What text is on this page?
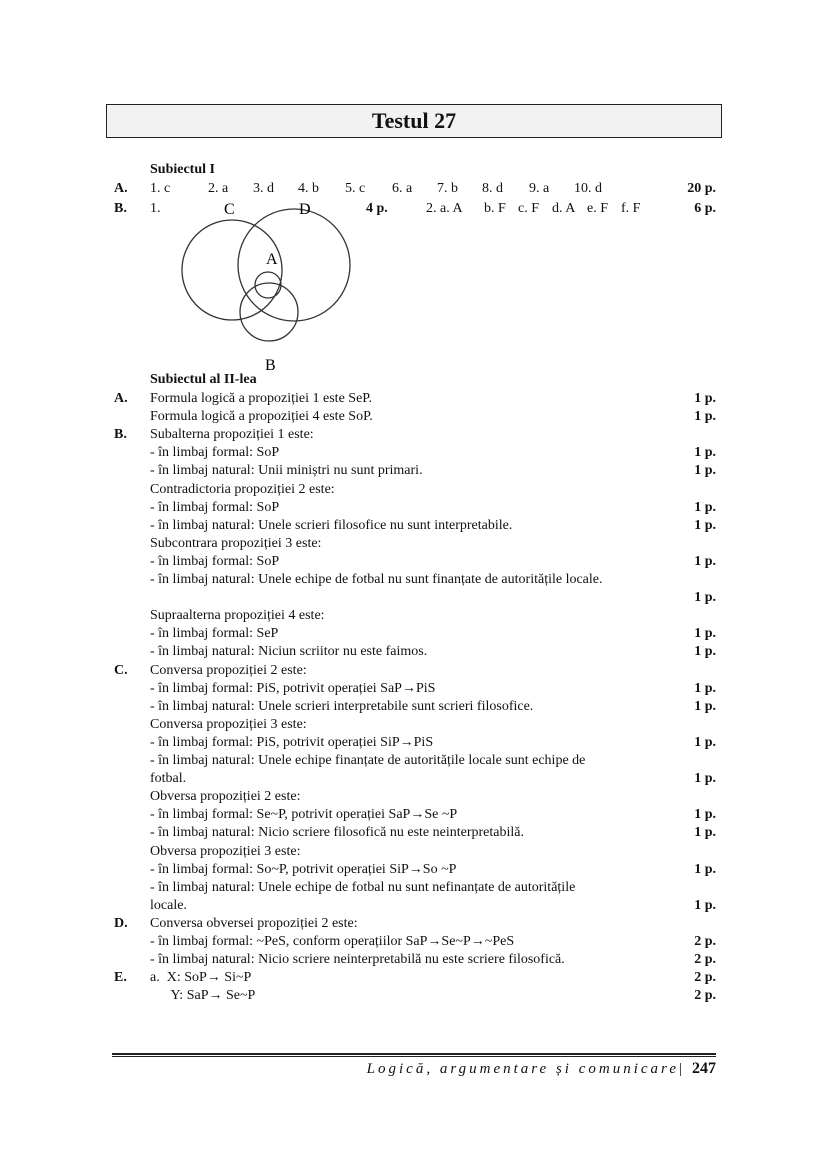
Testul 27
Subiectul I
A. 1. c	2. a 3. d 4. b 5. c 6. a 7. b 8. d 9. a 10. d	20 p.
B. 1.	4 p.	2. a. A b. F c. F d. A e. F f. F	6 p.
C	D
A
B
Subiectul al II-lea
A. Formula logică a propoziției 1 este SeP.	1 p.
Formula logică a propoziției 4 este SoP.	1 p.
B. Subalterna propoziției 1 este:
- în limbaj formal: SoP	1 p.
- în limbaj natural: Unii miniștri nu sunt primari.	1 p.
Contradictoria propoziției 2 este:
- în limbaj formal: SoP	1 p.
- în limbaj natural: Unele scrieri filosofice nu sunt interpretabile.	1 p.
Subcontrara propoziției 3 este:
- în limbaj formal: SoP	1 p.
- în limbaj natural: Unele echipe de fotbal nu sunt finanțate de autoritățile locale.
1 p.
Supraalterna propoziției 4 este:
- în limbaj formal: SeP	1 p.
- în limbaj natural: Niciun scriitor nu este faimos.	1 p.
C. Conversa propoziției 2 este:
- în limbaj formal: PiS, potrivit operației SaP→PiS	1 p.
- în limbaj natural: Unele scrieri interpretabile sunt scrieri filosofice.	1 p.
Conversa propoziției 3 este:
- în limbaj formal: PiS, potrivit operației SiP→PiS	1 p.
- în limbaj natural: Unele echipe finanțate de autoritățile locale sunt echipe de
fotbal.	1 p.
Obversa propoziției 2 este:
- în limbaj formal: Se~P, potrivit operației SaP→Se ~P	1 p.
- în limbaj natural: Nicio scriere filosofică nu este neinterpretabilă.	1 p.
Obversa propoziției 3 este:
- în limbaj formal: So~P, potrivit operației SiP→So ~P	1 p.
- în limbaj natural: Unele echipe de fotbal nu sunt nefinanțate de autoritățile
locale.	1 p.
D. Conversa obversei propoziției 2 este:
- în limbaj formal: ~PeS, conform operațiilor SaP→Se~P→~PeS	2 p.
- în limbaj natural: Nicio scriere neinterpretabilă nu este scriere filosofică.	2 p.
E. a.  X: SoP→ Si~P	2 p.
Y: SaP→ Se~P	2 p.
Logică, argumentare și comunicare| 247
